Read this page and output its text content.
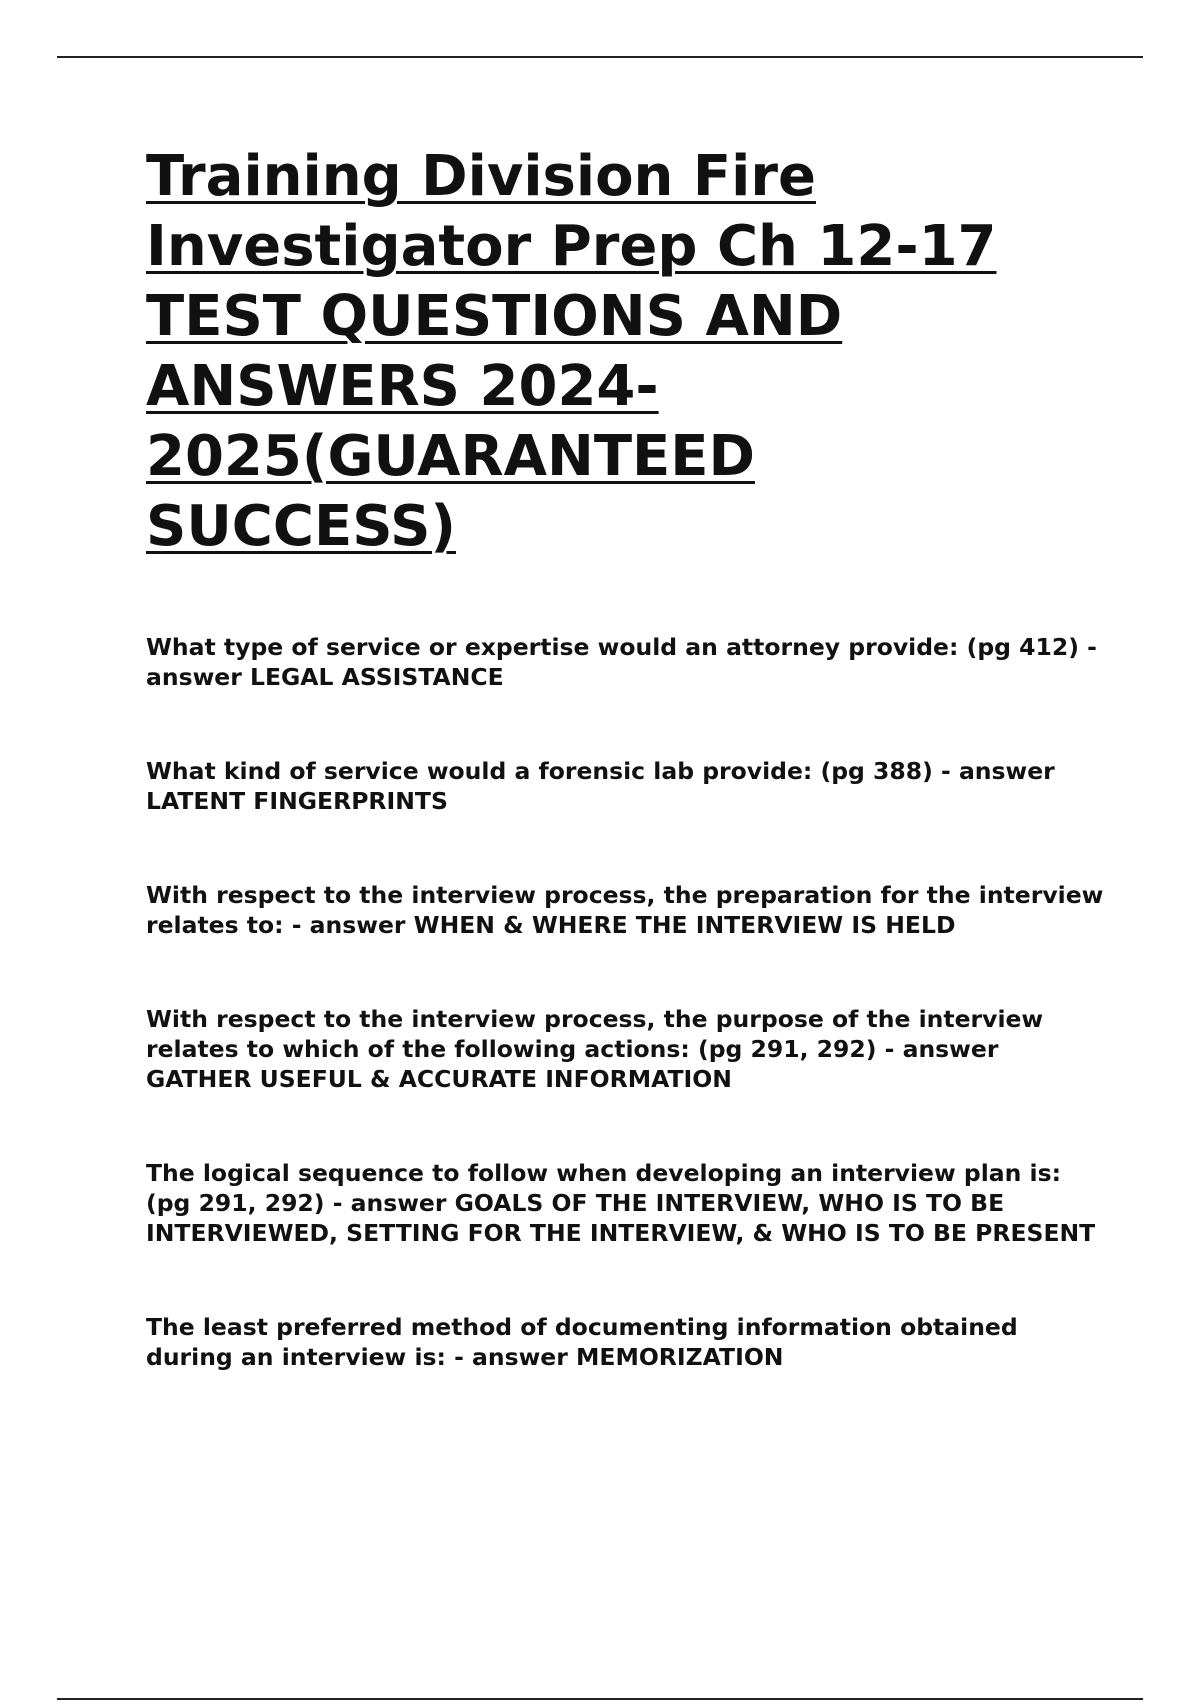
Training Division Fire
Investigator Prep Ch 12-17
TEST QUESTIONS AND
ANSWERS 2024-
2025(GUARANTEED
SUCCESS)

What type of service or expertise would an attorney provide: (pg 412) - answer LEGAL ASSISTANCE

What kind of service would a forensic lab provide: (pg 388) - answer LATENT FINGERPRINTS

With respect to the interview process, the preparation for the interview relates to: - answer WHEN & WHERE THE INTERVIEW IS HELD

With respect to the interview process, the purpose of the interview relates to which of the following actions: (pg 291, 292) - answer GATHER USEFUL & ACCURATE INFORMATION

The logical sequence to follow when developing an interview plan is: (pg 291, 292) - answer GOALS OF THE INTERVIEW, WHO IS TO BE INTERVIEWED, SETTING FOR THE INTERVIEW, & WHO IS TO BE PRESENT

The least preferred method of documenting information obtained during an interview is: - answer MEMORIZATION
